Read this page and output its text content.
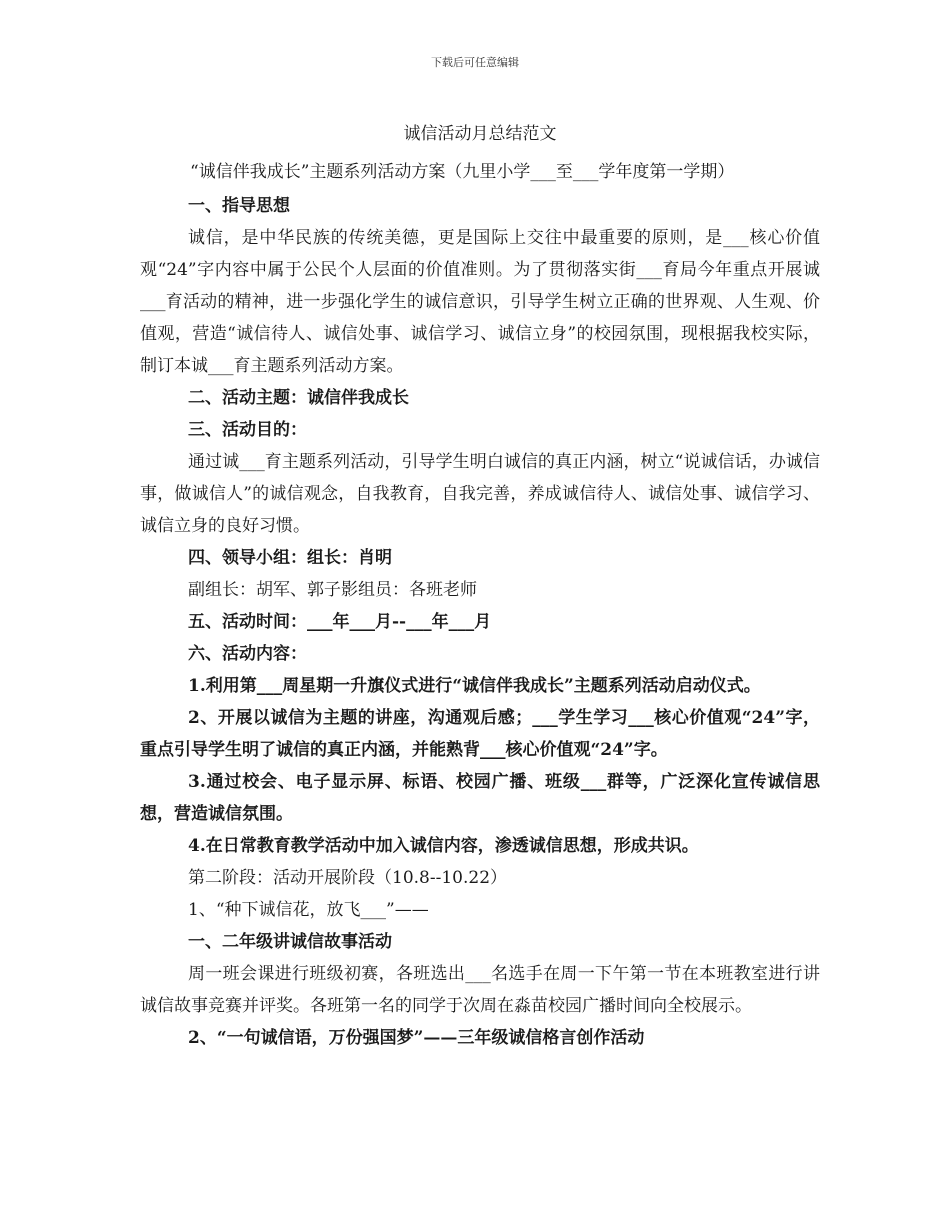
下载后可任意编辑
诚信活动月总结范文
“诚信伴我成长”主题系列活动方案（九里小学___至___学年度第一学期）

一、指导思想

诚信，是中华民族的传统美德，更是国际上交往中最重要的原则，是___核心价值观“24”字内容中属于公民个人层面的价值准则。为了贯彻落实街___育局今年重点开展诚___育活动的精神，进一步强化学生的诚信意识，引导学生树立正确的世界观、人生观、价值观，营造“诚信待人、诚信处事、诚信学习、诚信立身”的校园氛围，现根据我校实际，制订本诚___育主题系列活动方案。

二、活动主题：诚信伴我成长

三、活动目的：

通过诚___育主题系列活动，引导学生明白诚信的真正内涵，树立“说诚信话，办诚信事，做诚信人”的诚信观念，自我教育，自我完善，养成诚信待人、诚信处事、诚信学习、诚信立身的良好习惯。

四、领导小组：组长：肖明

副组长：胡军、郭子影组员：各班老师

五、活动时间：___年___月--___年___月

六、活动内容：

1.利用第___周星期一升旗仪式进行“诚信伴我成长”主题系列活动启动仪式。

2、开展以诚信为主题的讲座，沟通观后感；___学生学习___核心价值观“24”字，重点引导学生明了诚信的真正内涵，并能熟背___核心价值观“24”字。

3.通过校会、电子显示屏、标语、校园广播、班级___群等，广泛深化宣传诚信思想，营造诚信氛围。

4.在日常教育教学活动中加入诚信内容，渗透诚信思想，形成共识。

第二阶段：活动开展阶段（10.8--10.22）

1、“种下诚信花，放飞___”——

一、二年级讲诚信故事活动

周一班会课进行班级初赛，各班选出___名选手在周一下午第一节在本班教室进行讲诚信故事竞赛并评奖。各班第一名的同学于次周在淼苗校园广播时间向全校展示。

2、“一句诚信语，万份强国梦”——三年级诚信格言创作活动
